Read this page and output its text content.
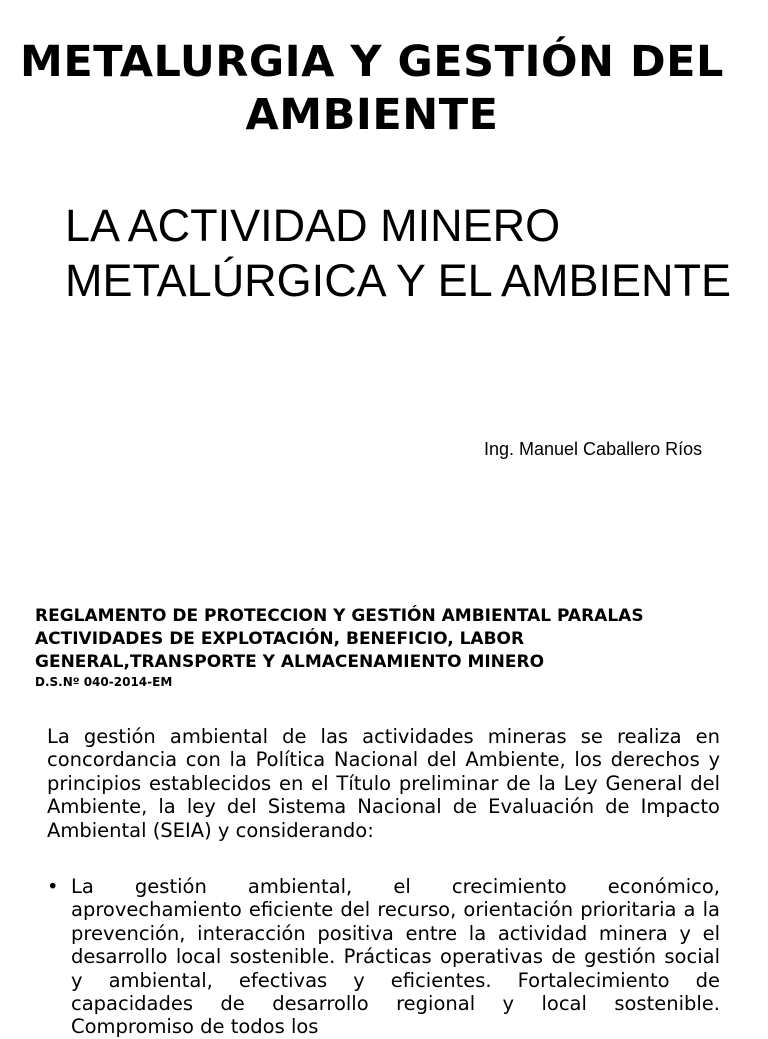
METALURGIA Y GESTIÓN DEL AMBIENTE
LA ACTIVIDAD MINERO METALÚRGICA Y EL AMBIENTE

Ing. Manuel Caballero Ríos

REGLAMENTO DE PROTECCION Y GESTIÓN AMBIENTAL PARALAS ACTIVIDADES DE EXPLOTACIÓN, BENEFICIO, LABOR GENERAL,TRANSPORTE Y ALMACENAMIENTO MINERO

D.S.Nº 040-2014-EM

La gestión ambiental de las actividades mineras se realiza en concordancia con la Política Nacional del Ambiente, los derechos y principios establecidos en el Título preliminar de la Ley General del Ambiente, la ley del Sistema Nacional de Evaluación de Impacto Ambiental (SEIA) y considerando:

• La gestión ambiental, el crecimiento económico, aprovechamiento eficiente del recurso, orientación prioritaria a la prevención, interacción positiva entre la actividad minera y el desarrollo local sostenible. Prácticas operativas de gestión social y ambiental, efectivas y eficientes. Fortalecimiento de capacidades de desarrollo regional y local sostenible. Compromiso de todos los
